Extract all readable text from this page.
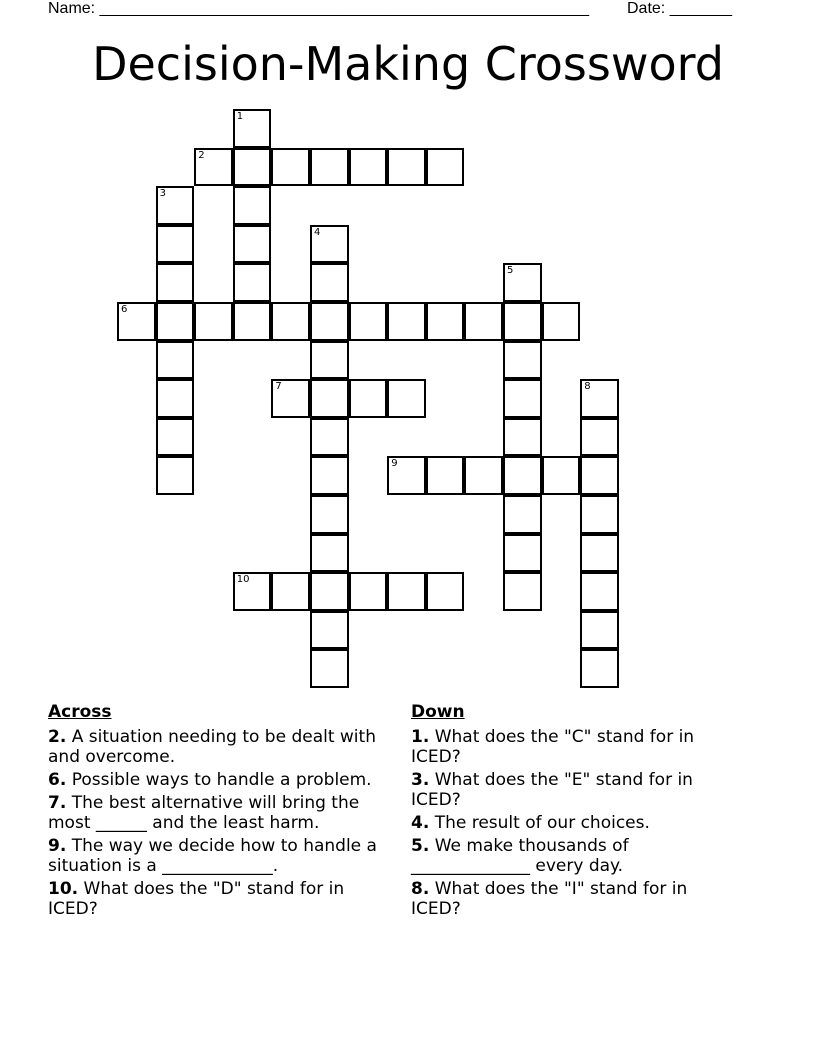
Name: _______________________________________________________ Date: _______
Decision-Making Crossword
1
2
3
4
5
6
7	8
9
10
Across
2. A situation needing to be dealt with and overcome.
6. Possible ways to handle a problem.
7. The best alternative will bring the most ______ and the least harm.
9. The way we decide how to handle a situation is a _____________.
10. What does the "D" stand for in ICED?
Down
1. What does the "C" stand for in ICED?
3. What does the "E" stand for in ICED?
4. The result of our choices.
5. We make thousands of ______________ every day.
8. What does the "I" stand for in ICED?
